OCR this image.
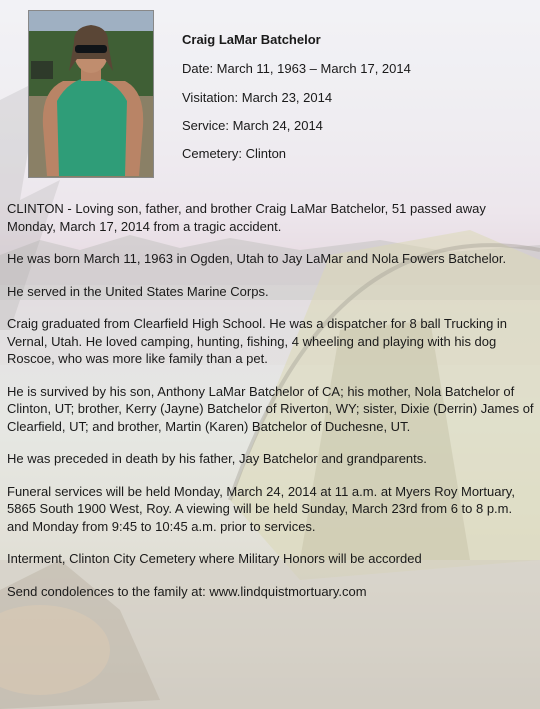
Craig LaMar Batchelor
Date: March 11, 1963 – March 17, 2014
Visitation: March 23, 2014
Service: March 24, 2014
Cemetery: Clinton

CLINTON - Loving son, father, and brother Craig LaMar Batchelor, 51 passed away Monday, March 17, 2014 from a tragic accident.

He was born March 11, 1963 in Ogden, Utah to Jay LaMar and Nola Fowers Batchelor.

He served in the United States Marine Corps.

Craig graduated from Clearfield High School. He was a dispatcher for 8 ball Trucking in Vernal, Utah. He loved camping, hunting, fishing, 4 wheeling and playing with his dog Roscoe, who was more like family than a pet.

He is survived by his son, Anthony LaMar Batchelor of CA; his mother, Nola Batchelor of Clinton, UT; brother, Kerry (Jayne) Batchelor of Riverton, WY; sister, Dixie (Derrin) James of Clearfield, UT; and brother, Martin (Karen) Batchelor of Duchesne, UT.

He was preceded in death by his father, Jay Batchelor and grandparents.

Funeral services will be held Monday, March 24, 2014 at 11 a.m. at Myers Roy Mortuary, 5865 South 1900 West, Roy. A viewing will be held Sunday, March 23rd from 6 to 8 p.m. and Monday from 9:45 to 10:45 a.m. prior to services.

Interment, Clinton City Cemetery where Military Honors will be accorded

Send condolences to the family at: www.lindquistmortuary.com
